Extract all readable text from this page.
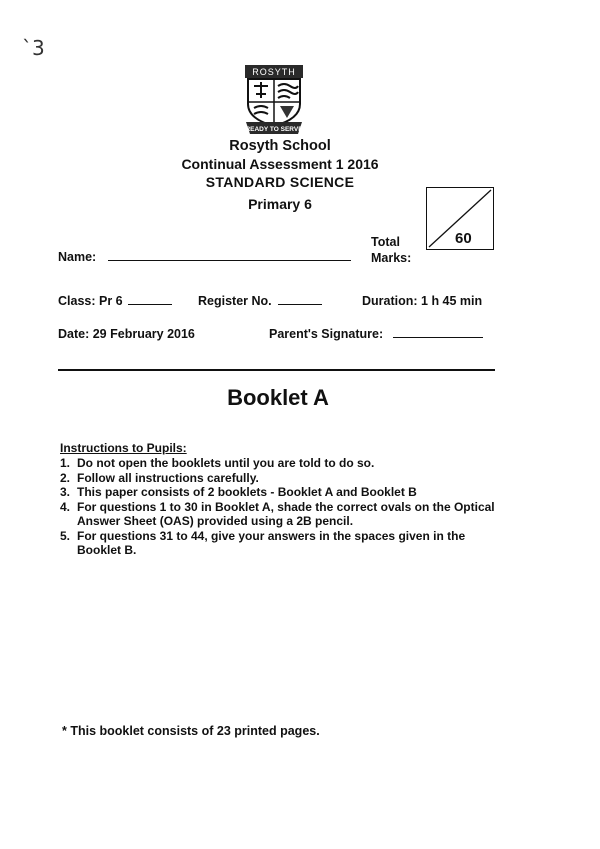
`3
ROSYTH
READY TO SERVE
Rosyth School
Continual Assessment 1 2016
STANDARD SCIENCE
Primary 6
60
Total
Marks:
Name:
Class: Pr 6	Register No.	Duration: 1 h 45 min
Date: 29 February 2016	Parent's Signature:
Booklet A
Instructions to Pupils:
1. Do not open the booklets until you are told to do so.
2. Follow all instructions carefully.
3. This paper consists of 2 booklets - Booklet A and Booklet B
4. For questions 1 to 30 in Booklet A, shade the correct ovals on the Optical Answer Sheet (OAS) provided using a 2B pencil.
5. For questions 31 to 44, give your answers in the spaces given in the Booklet B.
* This booklet consists of 23 printed pages.
